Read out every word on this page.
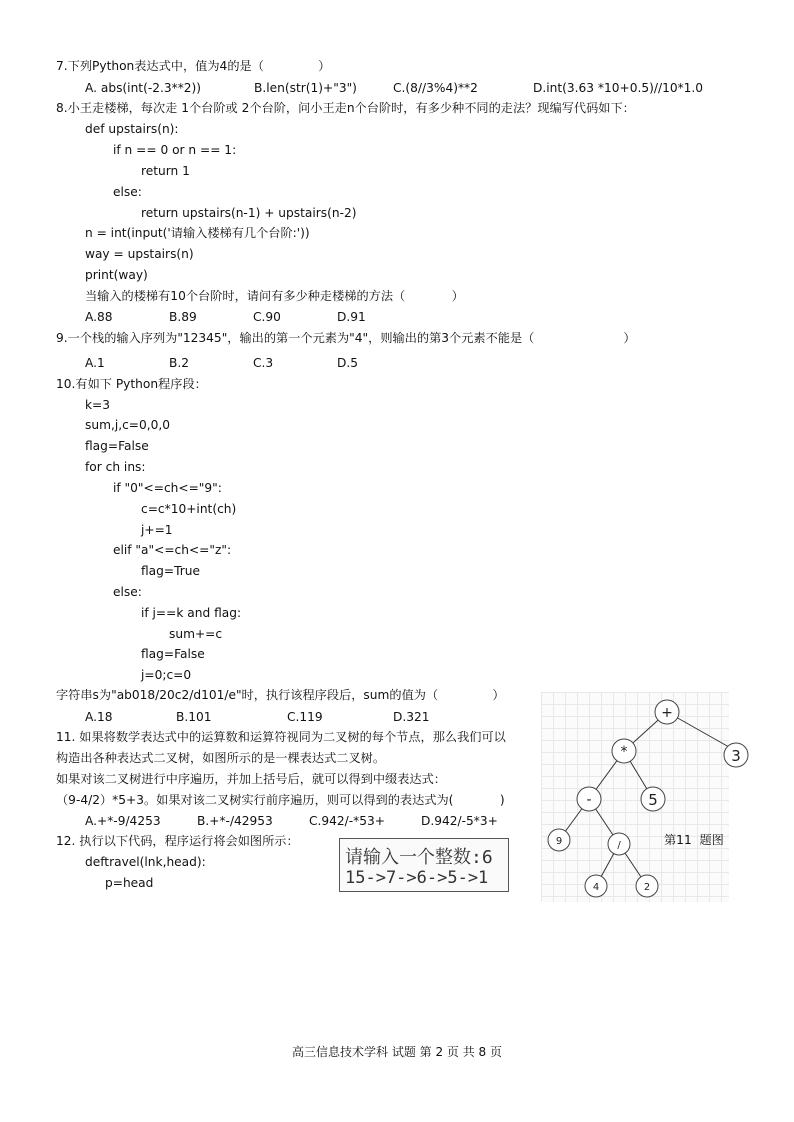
7.下列Python表达式中，值为4的是（              ）
A. abs(int(-2.3**2))	B.len(str(1)+"3")	C.(8//3%4)**2	D.int(3.63 *10+0.5)//10*1.0
8.小王走楼梯，每次走 1个台阶或 2个台阶，问小王走n个台阶时，有多少种不同的走法？现编写代码如下：
def upstairs(n):
if n == 0 or n == 1:
return 1
else:
return upstairs(n-1) + upstairs(n-2)
n = int(input('请输入楼梯有几个台阶:'))
way = upstairs(n)
print(way)
当输入的楼梯有10个台阶时，请问有多少种走楼梯的方法（            ）
A.88	B.89	C.90	D.91
9.一个栈的输入序列为"12345"，输出的第一个元素为"4"，则输出的第3个元素不能是（                       ）
A.1	B.2	C.3	D.5
10.有如下 Python程序段：
k=3
sum,j,c=0,0,0
flag=False
for ch ins:
if "0"<=ch<="9":
c=c*10+int(ch)
j+=1
elif "a"<=ch<="z":
flag=True
else:
if j==k and flag:
sum+=c
flag=False
j=0;c=0
字符串s为"ab018/20c2/d101/e"时，执行该程序段后，sum的值为（              ）
A.18	B.101	C.119	D.321
11. 如果将数学表达式中的运算数和运算符视同为二叉树的每个节点，那么我们可以
构造出各种表达式二叉树，如图所示的是一棵表达式二叉树。
如果对该二叉树进行中序遍历，并加上括号后，就可以得到中缀表达式：
（9-4/2）*5+3。如果对该二叉树实行前序遍历，则可以得到的表达式为(            )
A.+*-9/4253	B.+*-/42953	C.942/-*53+	D.942/-5*3+
+
*	3
-	5
9	/
4	2
第11  题图
12. 执行以下代码，程序运行将会如图所示：
deftravel(lnk,head):
p=head
请输入一个整数:6
15->7->6->5->1
高三信息技术学科 试题 第 2 页 共 8 页
